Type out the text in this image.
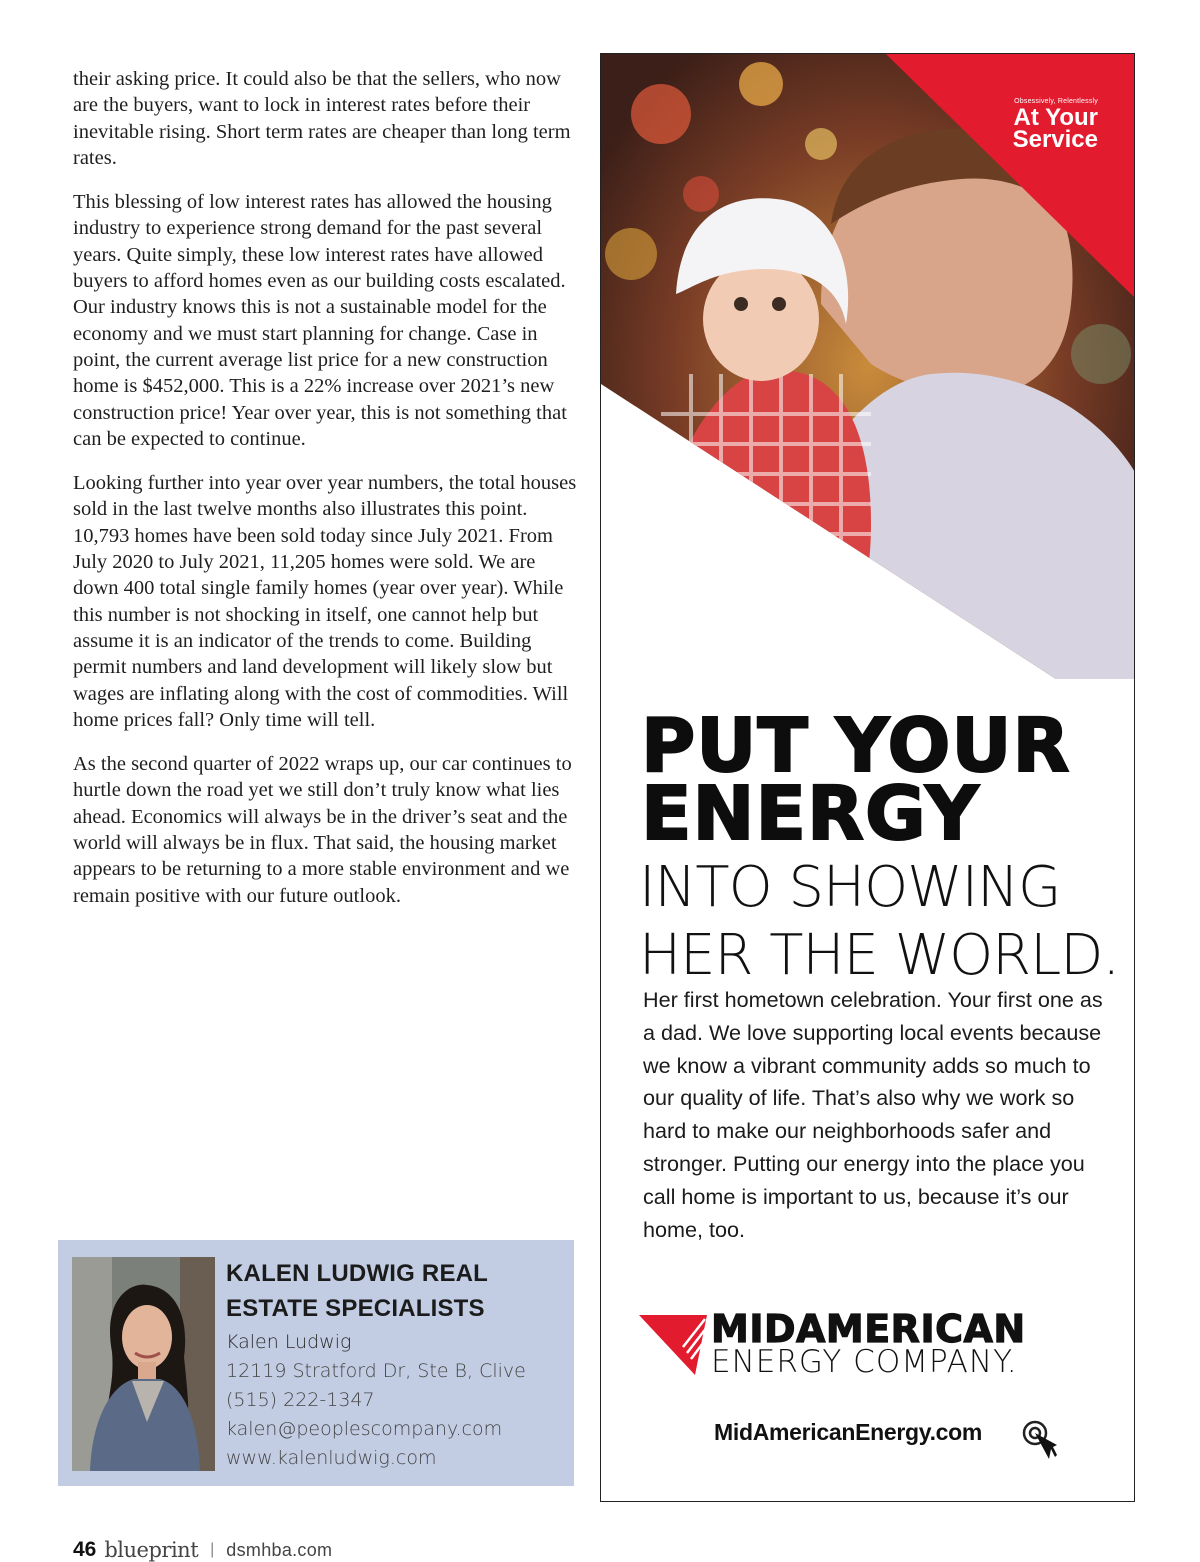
their asking price. It could also be that the sellers, who now are the buyers, want to lock in interest rates before their inevitable rising. Short term rates are cheaper than long term rates.

This blessing of low interest rates has allowed the housing industry to experience strong demand for the past several years. Quite simply, these low interest rates have allowed buyers to afford homes even as our building costs escalated. Our industry knows this is not a sustainable model for the economy and we must start planning for change. Case in point, the current average list price for a new construction home is $452,000. This is a 22% increase over 2021’s new construction price! Year over year, this is not something that can be expected to continue.

Looking further into year over year numbers, the total houses sold in the last twelve months also illustrates this point. 10,793 homes have been sold today since July 2021. From July 2020 to July 2021, 11,205 homes were sold. We are down 400 total single family homes (year over year). While this number is not shocking in itself, one cannot help but assume it is an indicator of the trends to come. Building permit numbers and land development will likely slow but wages are inflating along with the cost of commodities. Will home prices fall? Only time will tell.

As the second quarter of 2022 wraps up, our car continues to hurtle down the road yet we still don’t truly know what lies ahead. Economics will always be in the driver’s seat and the world will always be in flux. That said, the housing market appears to be returning to a more stable environment and we remain positive with our future outlook.

KALEN LUDWIG REAL ESTATE SPECIALISTS
Kalen Ludwig
12119 Stratford Dr, Ste B, Clive
(515) 222-1347
kalen@peoplescompany.com
www.kalenludwig.com
46 blueprint | dsmhba.com
Obsessively, Relentlessly
At Your
Service
PUT YOUR
ENERGY
INTO SHOWING
HER THE WORLD.
Her first hometown celebration. Your first one as a dad. We love supporting local events because we know a vibrant community adds so much to our quality of life. That’s also why we work so hard to make our neighborhoods safer and stronger. Putting our energy into the place you call home is important to us, because it’s our home, too.
MIDAMERICAN
ENERGY COMPANY.
MidAmericanEnergy.com
